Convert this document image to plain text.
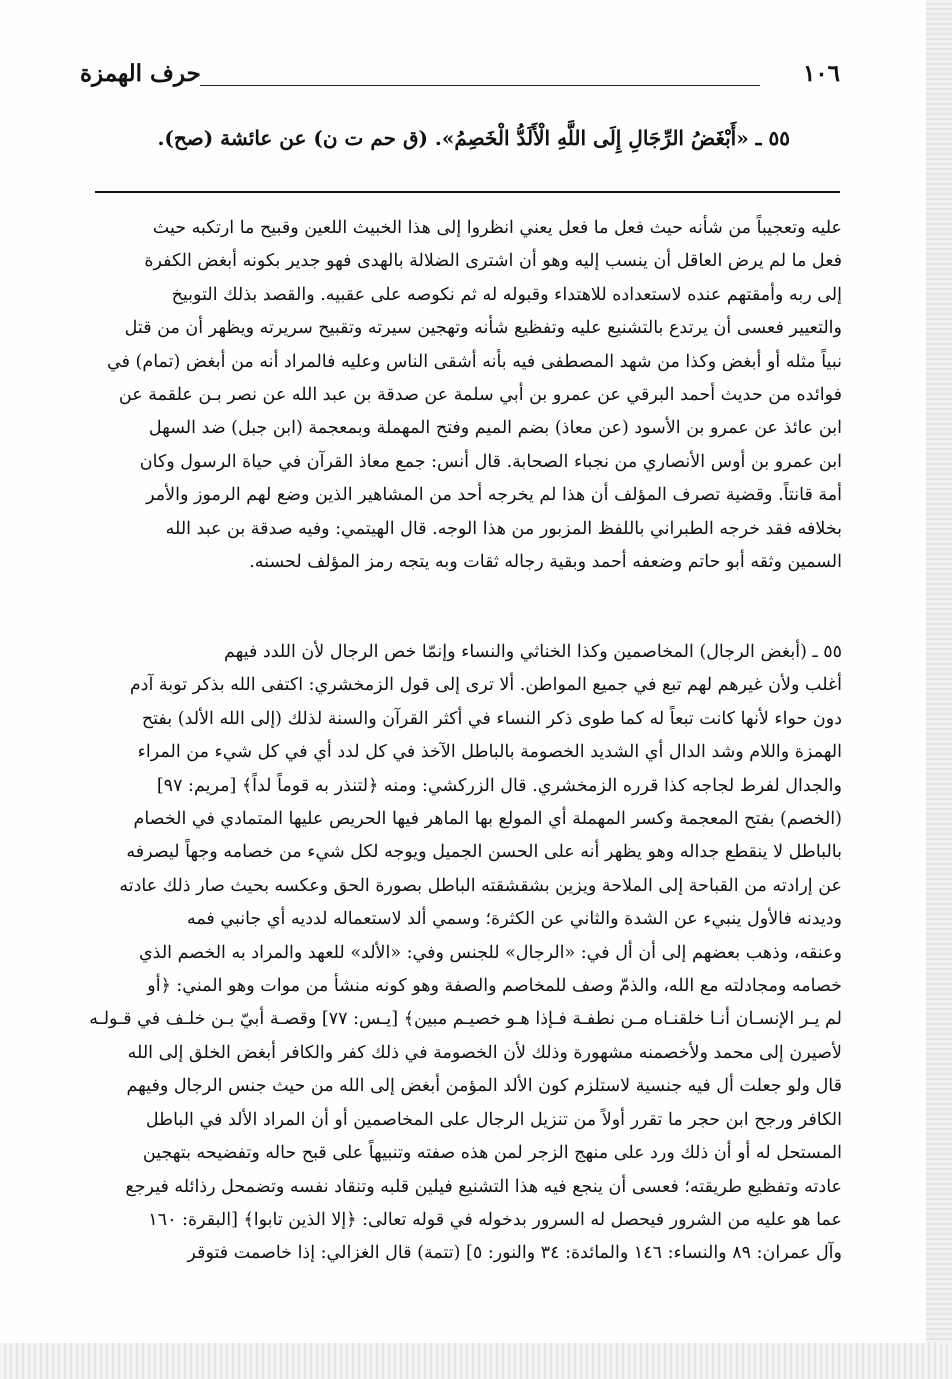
١٠٦
حرف الهمزة
٥٥ ـ «أَبْغَضُ الرِّجَالِ إِلَى اللَّهِ الْأَلَدُّ الْخَصِمُ». (ق حم ت ن) عن عائشة (صح).
عليه وتعجيباً من شأنه حيث فعل ما فعل يعني انظروا إلى هذا الخبيث اللعين وقبيح ما ارتكبه حيث
فعل ما لم يرض العاقل أن ينسب إليه وهو أن اشترى الضلالة بالهدى فهو جدير بكونه أبغض الكفرة
إلى ربه وأمقتهم عنده لاستعداده للاهتداء وقبوله له ثم نكوصه على عقبيه. والقصد بذلك التوبيخ
والتعيير فعسى أن يرتدع بالتشنيع عليه وتفظيع شأنه وتهجين سيرته وتقبيح سريرته ويظهر أن من قتل
نبياً مثله أو أبغض وكذا من شهد المصطفى فيه بأنه أشقى الناس وعليه فالمراد أنه من أبغض (تمام) في
فوائده من حديث أحمد البرقي عن عمرو بن أبي سلمة عن صدقة بن عبد الله عن نصر بـن علقمة عن
ابن عائذ عن عمرو بن الأسود (عن معاذ) بضم الميم وفتح المهملة وبمعجمة (ابن جبل) ضد السهل
ابن عمرو بن أوس الأنصاري من نجباء الصحابة. قال أنس: جمع معاذ القرآن في حياة الرسول وكان
أمة قانتاً. وقضية تصرف المؤلف أن هذا لم يخرجه أحد من المشاهير الذين وضع لهم الرموز والأمر
بخلافه فقد خرجه الطبراني باللفظ المزبور من هذا الوجه. قال الهيتمي: وفيه صدقة بن عبد الله
السمين وثقه أبو حاتم وضعفه أحمد وبقية رجاله ثقات وبه يتجه رمز المؤلف لحسنه.
٥٥ ـ (أبغض الرجال) المخاصمين وكذا الخناثي والنساء وإنمّا خص الرجال لأن اللدد فيهم
أغلب ولأن غيرهم لهم تبع في جميع المواطن. ألا ترى إلى قول الزمخشري: اكتفى الله بذكر توبة آدم
دون حواء لأنها كانت تبعاً له كما طوى ذكر النساء في أكثر القرآن والسنة لذلك (إلى الله الألد) بفتح
الهمزة واللام وشد الدال أي الشديد الخصومة بالباطل الآخذ في كل لدد أي في كل شيء من المراء
والجدال لفرط لجاجه كذا قرره الزمخشري. قال الزركشي: ومنه ﴿لتنذر به قوماً لداً﴾ [مريم: ٩٧]
(الخصم) بفتح المعجمة وكسر المهملة أي المولع بها الماهر فيها الحريص عليها المتمادي في الخصام
بالباطل لا ينقطع جداله وهو يظهر أنه على الحسن الجميل ويوجه لكل شيء من خصامه وجهاً ليصرفه
عن إرادته من القباحة إلى الملاحة ويزين بشقشقته الباطل بصورة الحق وعكسه بحيث صار ذلك عادته
وديدنه فالأول ينبيء عن الشدة والثاني عن الكثرة؛ وسمي ألد لاستعماله لدديه أي جانبي فمه
وعنقه، وذهب بعضهم إلى أن أل في: «الرجال» للجنس وفي: «الألد» للعهد والمراد به الخصم الذي
خصامه ومجادلته مع الله، والذمّ وصف للمخاصم والصفة وهو كونه منشأ من موات وهو المني: ﴿أو
لم يـر الإنسـان أنـا خلقنـاه مـن نطفـة فـإذا هـو خصيـم مبين﴾ [يـس: ٧٧] وقصـة أبيّ بـن خلـف في قـولـه
لأصيرن إلى محمد ولأخصمنه مشهورة وذلك لأن الخصومة في ذلك كفر والكافر أبغض الخلق إلى الله
قال ولو جعلت أل فيه جنسية لاستلزم كون الألد المؤمن أبغض إلى الله من حيث جنس الرجال وفيهم
الكافر ورجح ابن حجر ما تقرر أولاً من تنزيل الرجال على المخاصمين أو أن المراد الألد في الباطل
المستحل له أو أن ذلك ورد على منهج الزجر لمن هذه صفته وتنبيهاً على قبح حاله وتفضيحه بتهجين
عادته وتفظيع طريقته؛ فعسى أن ينجع فيه هذا التشنيع فيلين قلبه وتنقاد نفسه وتضمحل رذائله فيرجع
عما هو عليه من الشرور فيحصل له السرور بدخوله في قوله تعالى: ﴿إلا الذين تابوا﴾ [البقرة: ١٦٠
وآل عمران: ٨٩ والنساء: ١٤٦ والمائدة: ٣٤ والنور: ٥] (تتمة) قال الغزالي: إذا خاصمت فتوقر
